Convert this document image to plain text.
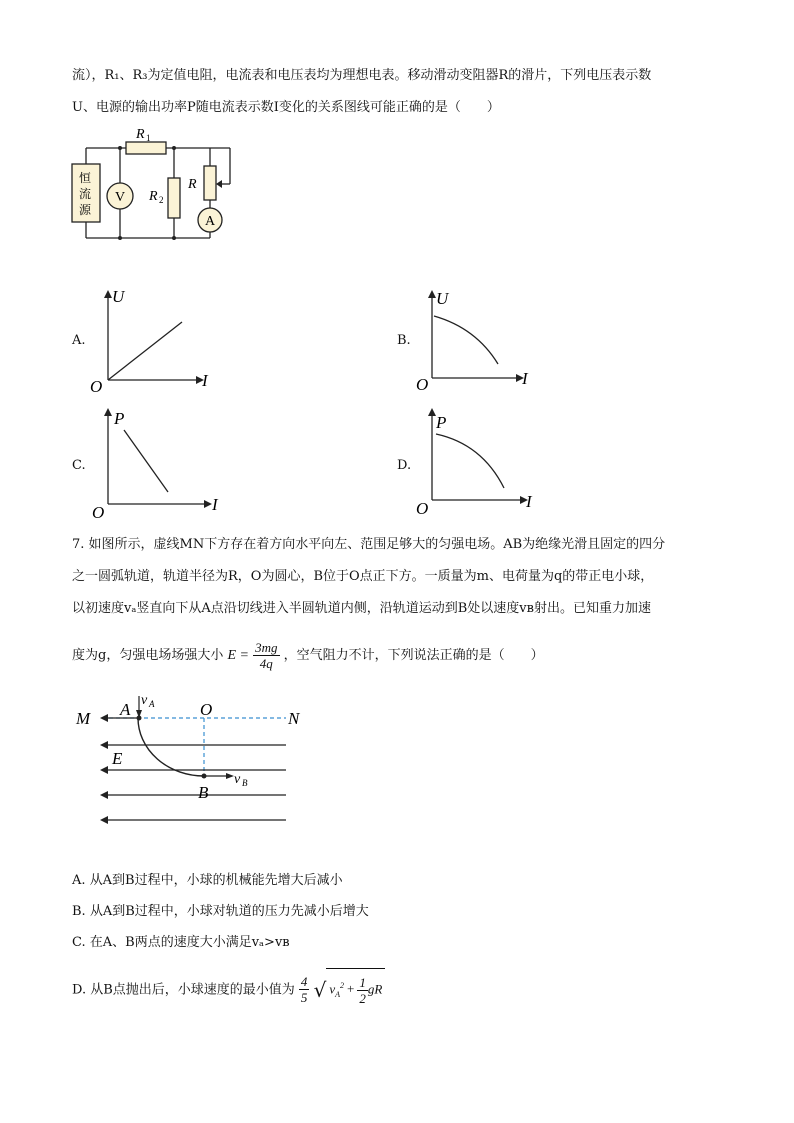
流），R₁、R₃为定值电阻，电流表和电压表均为理想电表。移动滑动变阻器R的滑片，下列电压表示数
U、电源的输出功率P随电流表示数I变化的关系图线可能正确的是（　　）
恒
流
源
R 1
R 2
R
V
A
A.
U
I
O
B.
U
I
O
C.
P
I
O
D.
P
I
O
7. 如图所示，虚线MN下方存在着方向水平向左、范围足够大的匀强电场。AB为绝缘光滑且固定的四分
之一圆弧轨道，轨道半径为R，O为圆心，B位于O点正下方。一质量为m、电荷量为q的带正电小球，
以初速度vₐ竖直向下从A点沿切线进入半圆轨道内侧，沿轨道运动到B处以速度vʙ射出。已知重力加速
度为g，匀强电场场强大小 $E = \frac{3mg}{4q}$ ，空气阻力不计，下列说法正确的是（　　）
M	N
A	O
B
E
v A
v B
A. 从A到B过程中，小球的机械能先增大后减小
B. 从A到B过程中，小球对轨道的压力先减小后增大
C. 在A、B两点的速度大小满足vₐ>vʙ
D. 从B点抛出后，小球速度的最小值为 $\frac{4}{5}$ √ $v_A^2 + \frac{1}{2}$ gR
